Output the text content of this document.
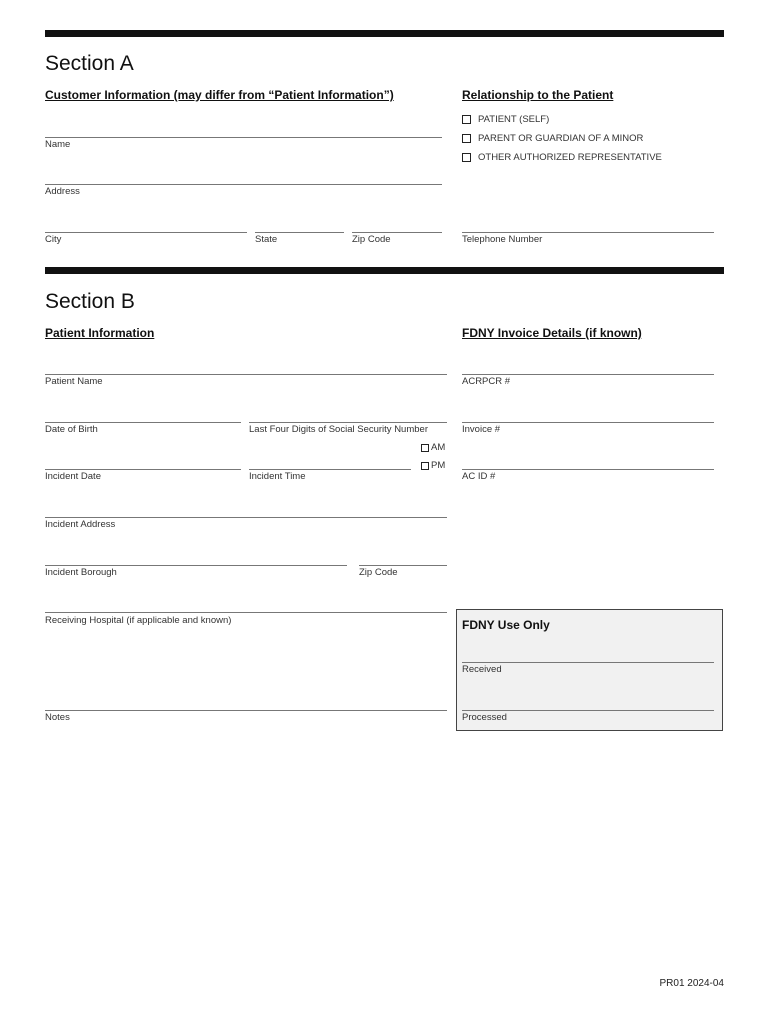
Section A
Customer Information (may differ from “Patient Information”)	Relationship to the Patient
PATIENT (SELF)
PARENT OR GUARDIAN OF A MINOR
OTHER AUTHORIZED REPRESENTATIVE
Name
Address
City	State	Zip Code	Telephone Number
Section B
Patient Information	FDNY Invoice Details (if known)
Patient Name	ACRPCR #
Date of Birth	Last Four Digits of Social Security Number	Invoice #
AM
PM
Incident Date	Incident Time	AC ID #
Incident Address
Incident Borough	Zip Code
Receiving Hospital (if applicable and known)
Notes
FDNY Use Only
Received
Processed
PR01 2024-04
